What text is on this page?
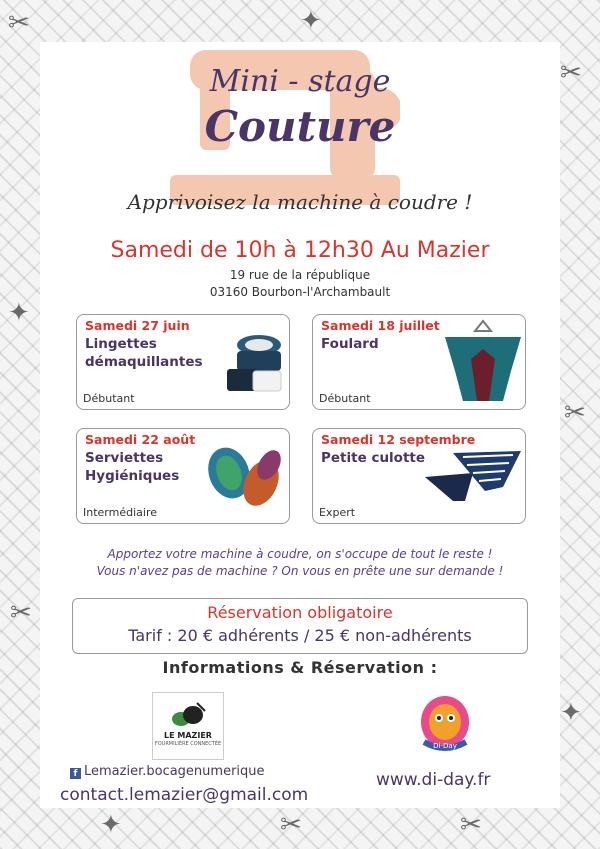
✂
✂
✦
✂
✂
✦
✂
✦	✂
✦
Mini - stage
Couture
Apprivoisez la machine à coudre !
Samedi de 10h à 12h30 Au Mazier
19 rue de la république
03160 Bourbon-l'Archambault
Samedi 27 juin
Lingettes démaquillantes
Débutant
Samedi 18 juillet
Foulard
Débutant
Samedi 22 août
Serviettes Hygiéniques
Intermédiaire
Samedi 12 septembre
Petite culotte
Expert
Apportez votre machine à coudre, on s'occupe de tout le reste !
Vous n'avez pas de machine ? On vous en prête une sur demande !
Réservation obligatoire
Tarif : 20 € adhérents / 25 € non-adhérents
Informations & Réservation :
LE MAZIER
FOURMILIÈRE CONNECTÉE
f Lemazier.bocagenumerique
contact.lemazier@gmail.com
Di-Day
www.di-day.fr
